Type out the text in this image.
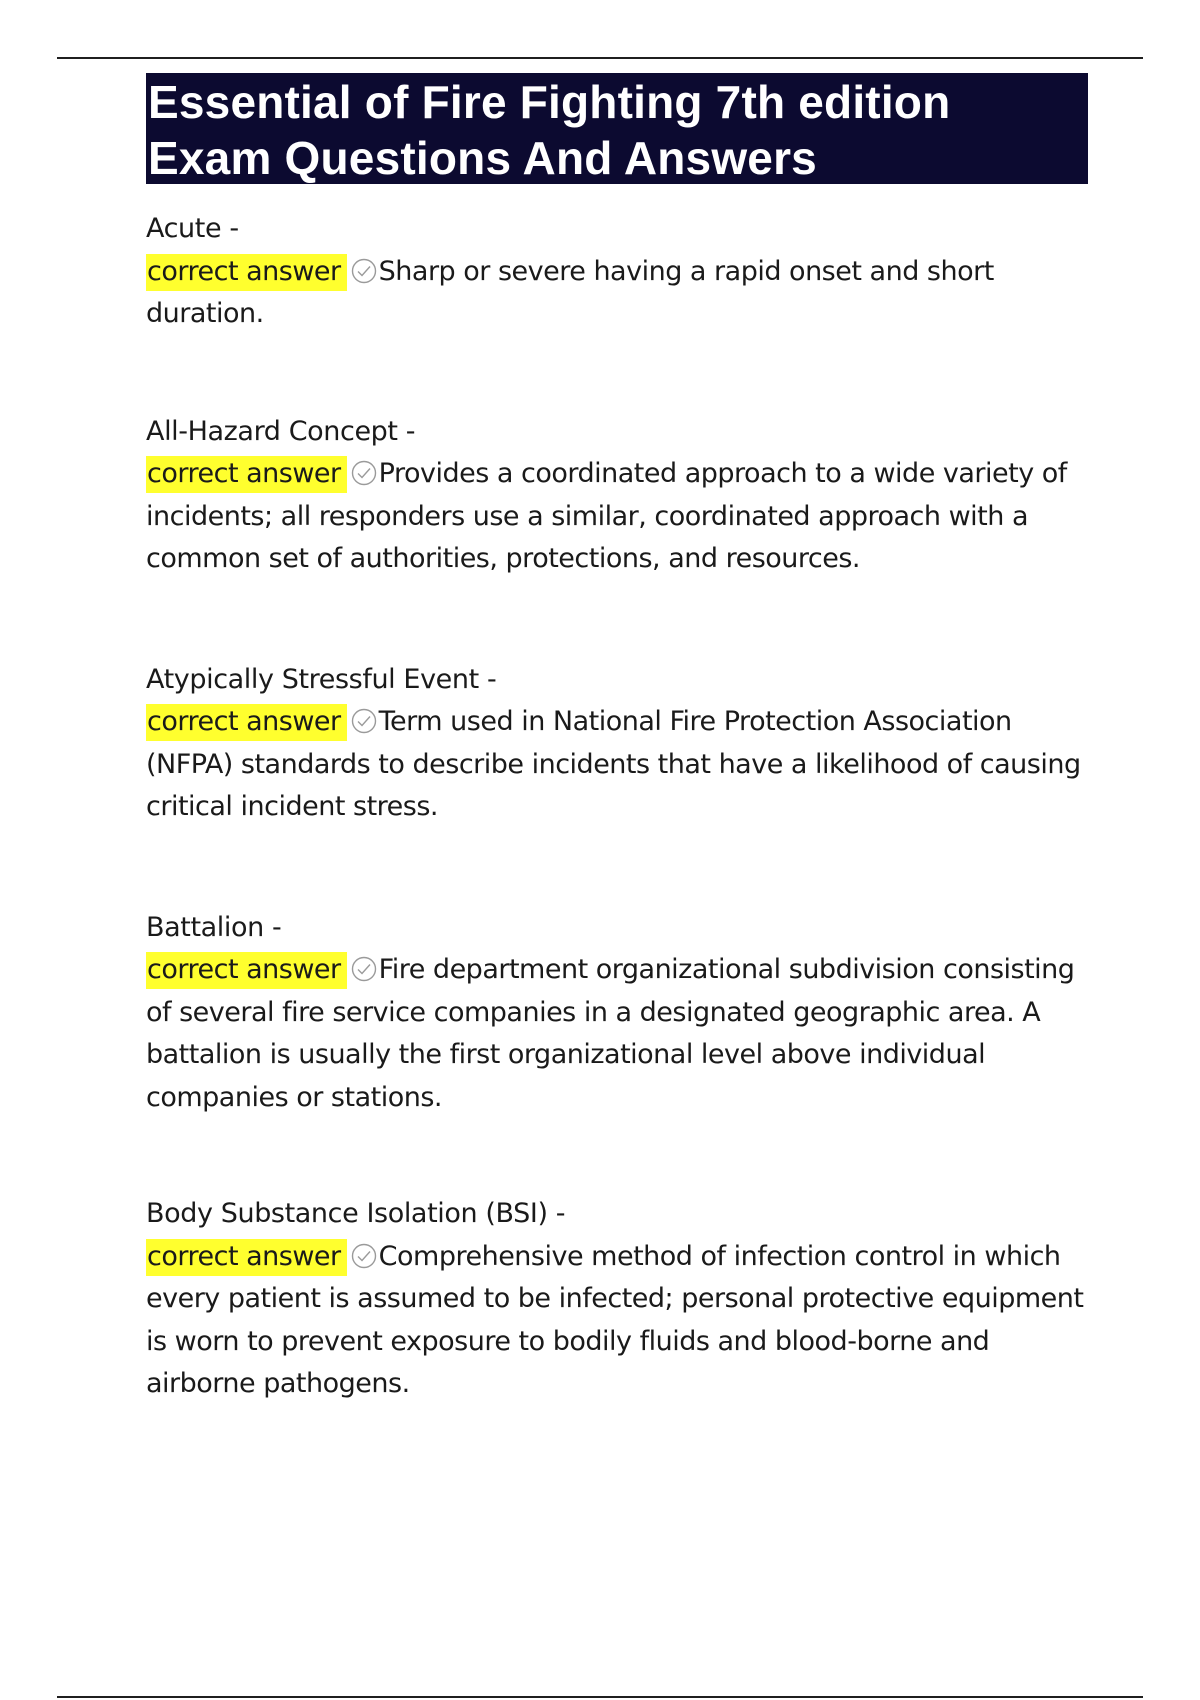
Essential of Fire Fighting 7th edition
Exam Questions And Answers
Acute -
correct answer Sharp or severe having a rapid onset and short duration.
All-Hazard Concept -
correct answer Provides a coordinated approach to a wide variety of incidents; all responders use a similar, coordinated approach with a common set of authorities, protections, and resources.
Atypically Stressful Event -
correct answer Term used in National Fire Protection Association (NFPA) standards to describe incidents that have a likelihood of causing critical incident stress.
Battalion -
correct answer Fire department organizational subdivision consisting of several fire service companies in a designated geographic area. A battalion is usually the first organizational level above individual companies or stations.
Body Substance Isolation (BSI) -
correct answer Comprehensive method of infection control in which every patient is assumed to be infected; personal protective equipment is worn to prevent exposure to bodily fluids and blood-borne and airborne pathogens.
